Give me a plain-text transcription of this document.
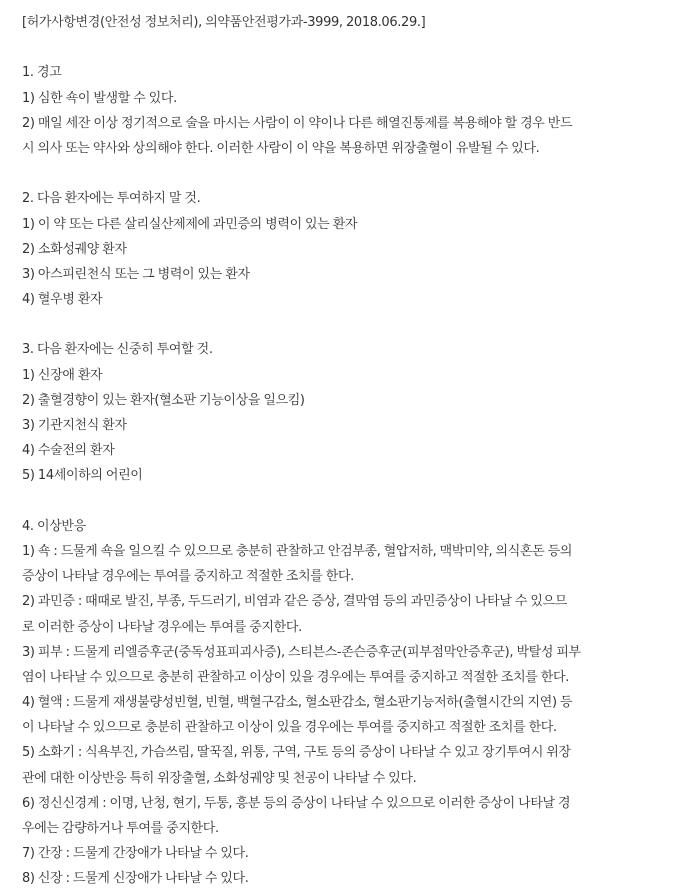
[허가사항변경(안전성 정보처리), 의약품안전평가과-3999, 2018.06.29.]
1. 경고
1) 심한 쇽이 발생할 수 있다.
2) 매일 세잔 이상 정기적으로 술을 마시는 사람이 이 약이나 다른 해열진통제를 복용해야 할 경우 반드
시 의사 또는 약사와 상의해야 한다. 이러한 사람이 이 약을 복용하면 위장출혈이 유발될 수 있다.
2. 다음 환자에는 투여하지 말 것.
1) 이 약 또는 다른 살리실산제제에 과민증의 병력이 있는 환자
2) 소화성궤양 환자
3) 아스피린천식 또는 그 병력이 있는 환자
4) 혈우병 환자
3. 다음 환자에는 신중히 투여할 것.
1) 신장애 환자
2) 출혈경향이 있는 환자(혈소판 기능이상을 일으킴)
3) 기관지천식 환자
4) 수술전의 환자
5) 14세이하의 어린이
4. 이상반응
1) 쇽 : 드물게 쇽을 일으킬 수 있으므로 충분히 관찰하고 안검부종, 혈압저하, 맥박미약, 의식혼돈 등의
증상이 나타날 경우에는 투여를 중지하고 적절한 조치를 한다.
2) 과민증 : 때때로 발진, 부종, 두드러기, 비염과 같은 증상, 결막염 등의 과민증상이 나타날 수 있으므
로 이러한 증상이 나타날 경우에는 투여를 중지한다.
3) 피부 : 드물게 리엘증후군(중독성표피괴사증), 스티븐스-존슨증후군(피부점막안증후군), 박탈성 피부
염이 나타날 수 있으므로 충분히 관찰하고 이상이 있을 경우에는 투여를 중지하고 적절한 조치를 한다.
4) 혈액 : 드물게 재생불량성빈혈, 빈혈, 백혈구감소, 혈소판감소, 혈소판기능저하(출혈시간의 지연) 등
이 나타날 수 있으므로 충분히 관찰하고 이상이 있을 경우에는 투여를 중지하고 적절한 조치를 한다.
5) 소화기 : 식욕부진, 가슴쓰림, 딸꾹질, 위통, 구역, 구토 등의 증상이 나타날 수 있고 장기투여시 위장
관에 대한 이상반응 특히 위장출혈, 소화성궤양 및 천공이 나타날 수 있다.
6) 정신신경계 : 이명, 난청, 현기, 두통, 흥분 등의 증상이 나타날 수 있으므로 이러한 증상이 나타날 경
우에는 감량하거나 투여를 중지한다.
7) 간장 : 드물게 간장애가 나타날 수 있다.
8) 신장 : 드물게 신장애가 나타날 수 있다.
